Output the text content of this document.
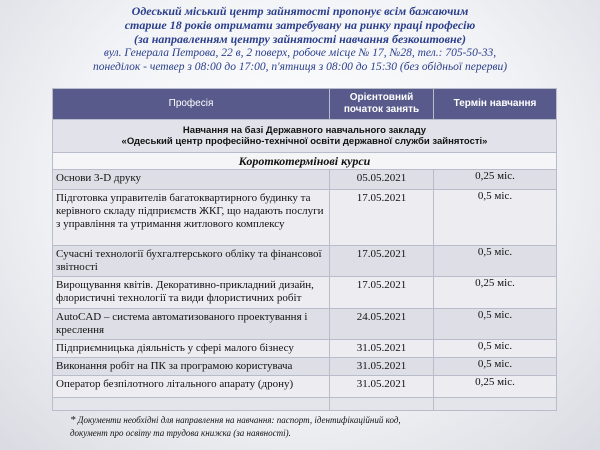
Одеський міський центр зайнятості пропонує всім бажаючим
старше 18 років отримати затребувану на ринку праці професію
(за направленням центру зайнятості навчання безкоштовне)
вул. Генерала Петрова, 22 в, 2 поверх, робоче місце № 17, №28, тел.: 705-50-33,
понеділок - четвер з 08:00 до 17:00, п'ятниця з 08:00 до 15:30 (без обідньої перерви)
Професія	Орієнтовний початок занять	Термін навчання

Навчання на базі Державного навчального закладу
«Одеський центр професійно-технічної освіти державної служби зайнятості»		

Короткотермінові курси		
Основи 3-D друку	05.05.2021	0,25 міс.
Підготовка управителів багатоквартирного будинку та керівного складу підприємств ЖКГ, що надають послуги з управління та утримання житлового комплексу	17.05.2021	0,5 міс.
Сучасні технології бухгалтерського обліку та фінансової звітності	17.05.2021	0,5 міс.
Вирощування квітів. Декоративно-прикладний дизайн, флористичні технології та види флористичних робіт	17.05.2021	0,25 міс.
AutoCAD – система автоматизованого проектування і креслення	24.05.2021	0,5 міс.
Підприємницька діяльність у сфері малого бізнесу	31.05.2021	0,5 міс.
Виконання робіт на ПК за програмою користувача	31.05.2021	0,5 міс.
Оператор безпілотного літального апарату (дрону)	31.05.2021	0,25 міс.

* Документи необхідні для направлення на навчання: паспорт, ідентифікаційний код,
документ про освіту та трудова книжка (за наявності).
